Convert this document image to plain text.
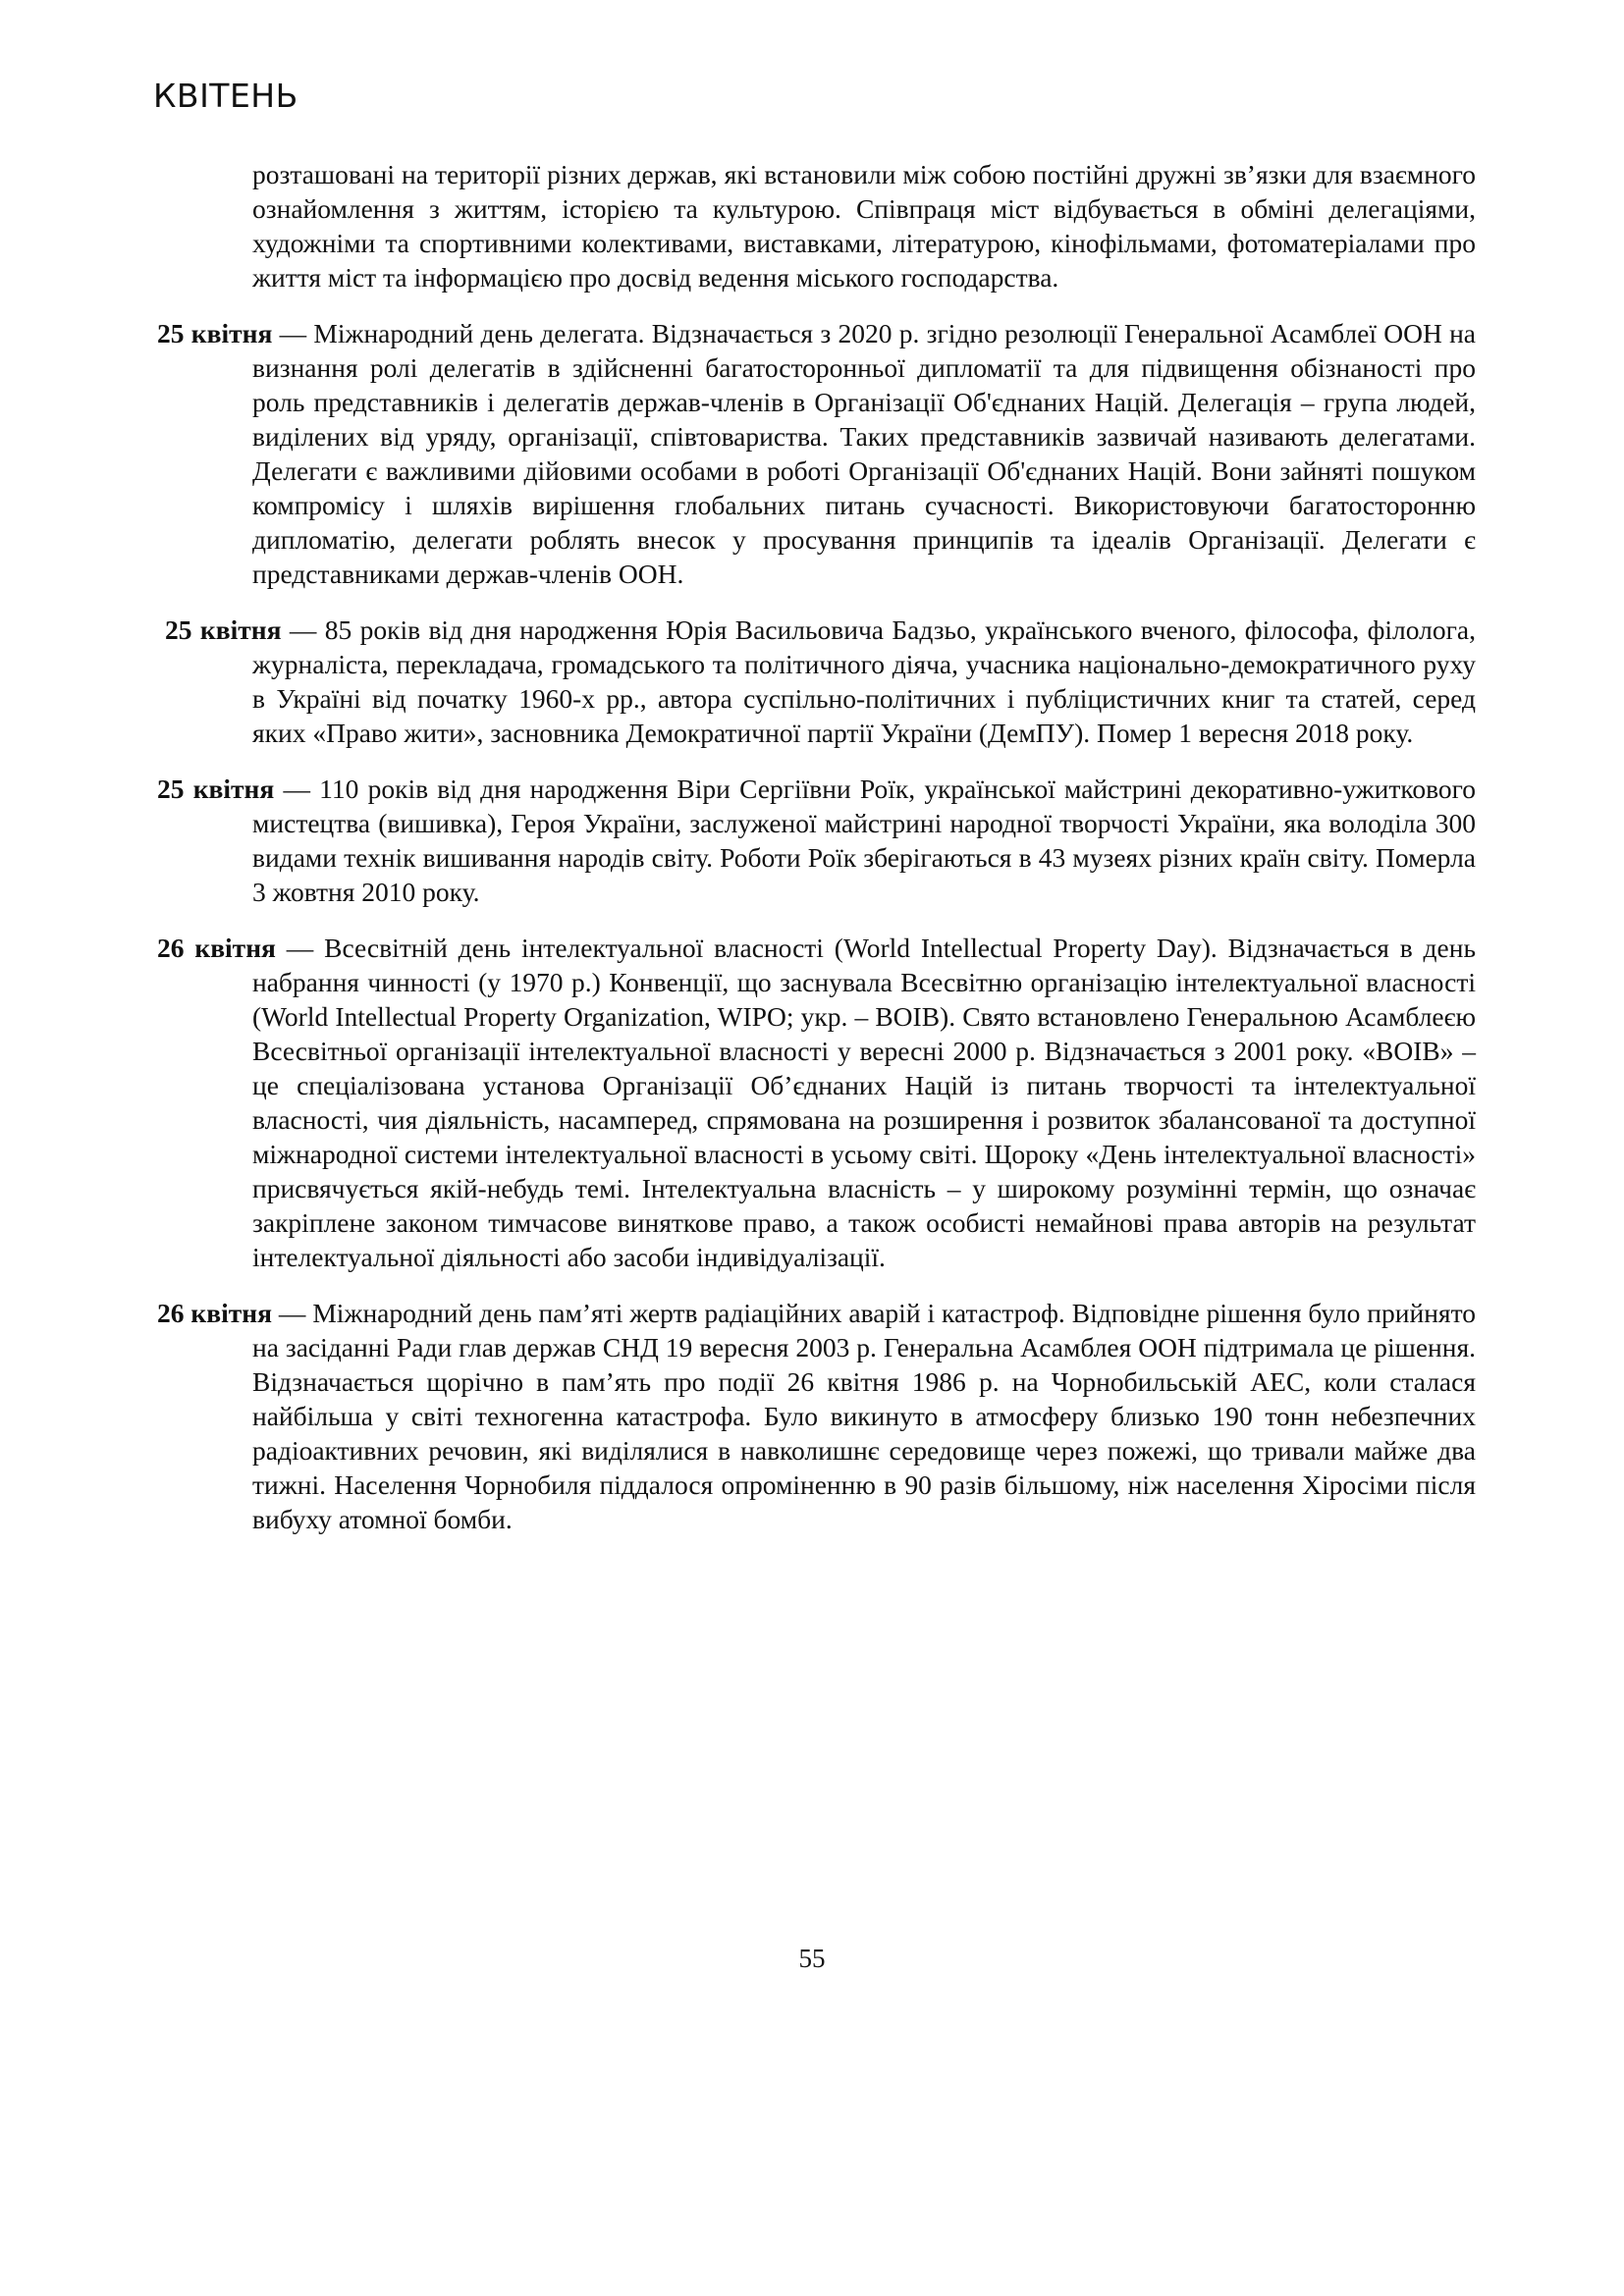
КВІТЕНЬ

розташовані на території різних держав, які встановили між собою постійні дружні зв’язки для взаємного ознайомлення з життям, історією та культурою. Співпраця міст відбувається в обміні делегаціями, художніми та спортивними колективами, виставками, літературою, кінофільмами, фотоматеріалами про життя міст та інформацією про досвід ведення міського господарства.

25 квітня — Міжнародний день делегата. Відзначається з 2020 р. згідно резолюції Генеральної Асамблеї ООН на визнання ролі делегатів в здійсненні багатосторонньої дипломатії та для підвищення обізнаності про роль представників і делегатів держав-членів в Організації Об'єднаних Націй. Делегація – група людей, виділених від уряду, організації, співтовариства. Таких представників зазвичай називають делегатами. Делегати є важливими дійовими особами в роботі Організації Об'єднаних Націй. Вони зайняті пошуком компромісу і шляхів вирішення глобальних питань сучасності. Використовуючи багатосторонню дипломатію, делегати роблять внесок у просування принципів та ідеалів Організації. Делегати є представниками держав-членів ООН.

25 квітня — 85 років від дня народження Юрія Васильовича Бадзьо, українського вченого, філософа, філолога, журналіста, перекладача, громадського та політичного діяча, учасника національно-демократичного руху в Україні від початку 1960-х рр., автора суспільно-політичних і публіцистичних книг та статей, серед яких «Право жити», засновника Демократичної партії України (ДемПУ). Помер 1 вересня 2018 року.

25 квітня — 110 років від дня народження Віри Сергіївни Роїк, української майстрині декоративно-ужиткового мистецтва (вишивка), Героя України, заслуженої майстрині народної творчості України, яка володіла 300 видами технік вишивання народів світу. Роботи Роїк зберігаються в 43 музеях різних країн світу. Померла 3 жовтня 2010 року.

26 квітня — Всесвітній день інтелектуальної власності (World Intellectual Property Day). Відзначається в день набрання чинності (у 1970 р.) Конвенції, що заснувала Всесвітню організацію інтелектуальної власності (World Intellectual Property Organization, WIPO; укр. – ВОІВ). Свято встановлено Генеральною Асамблеєю Всесвітньої організації інтелектуальної власності у вересні 2000 р. Відзначається з 2001 року. «ВОІВ» – це спеціалізована установа Організації Об’єднаних Націй із питань творчості та інтелектуальної власності, чия діяльність, насамперед, спрямована на розширення і розвиток збалансованої та доступної міжнародної системи інтелектуальної власності в усьому світі. Щороку «День інтелектуальної власності» присвячується якій-небудь темі. Інтелектуальна власність – у широкому розумінні термін, що означає закріплене законом тимчасове виняткове право, а також особисті немайнові права авторів на результат інтелектуальної діяльності або засоби індивідуалізації.

26 квітня — Міжнародний день пам’яті жертв радіаційних аварій і катастроф. Відповідне рішення було прийнято на засіданні Ради глав держав СНД 19 вересня 2003 р. Генеральна Асамблея ООН підтримала це рішення. Відзначається щорічно в пам’ять про події 26 квітня 1986 р. на Чорнобильській АЕС, коли сталася найбільша у світі техногенна катастрофа. Було викинуто в атмосферу близько 190 тонн небезпечних радіоактивних речовин, які виділялися в навколишнє середовище через пожежі, що тривали майже два тижні. Населення Чорнобиля піддалося опроміненню в 90 разів більшому, ніж населення Хіросіми після вибуху атомної бомби.

55
